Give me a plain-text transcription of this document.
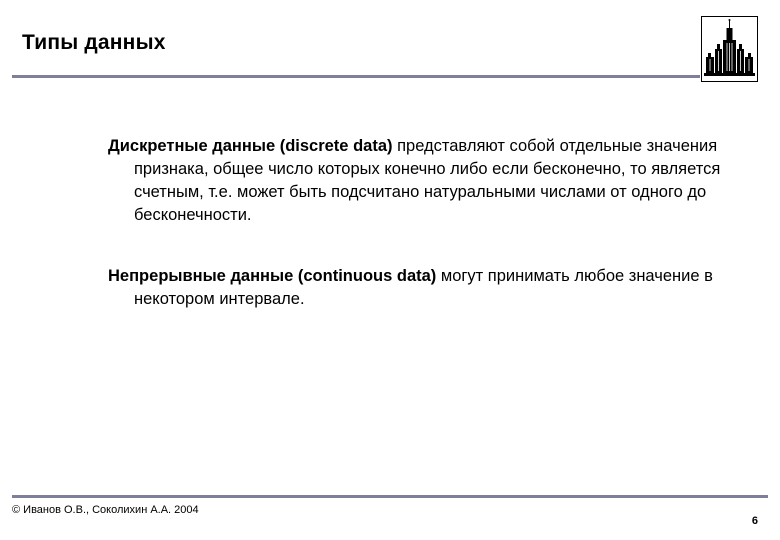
Типы данных

Дискретные данные (discrete data) представляют собой отдельные значения признака, общее число которых конечно либо если бесконечно, то является счетным, т.е. может быть подсчитано натуральными числами от одного до бесконечности.

Непрерывные данные (continuous data) могут принимать любое значение в некотором интервале.

© Иванов О.В., Соколихин А.А. 2004
6
